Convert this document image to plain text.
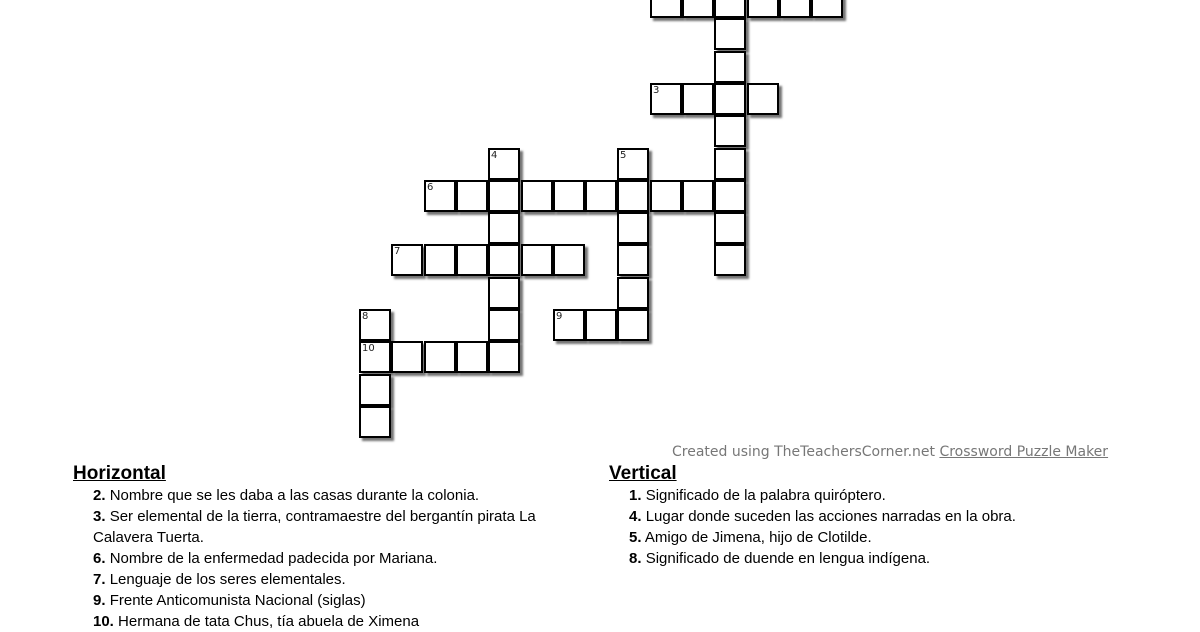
3
4	5
6
7
8	9
10
Created using TheTeachersCorner.net Crossword Puzzle Maker
Horizontal
2. Nombre que se les daba a las casas durante la colonia.
3. Ser elemental de la tierra, contramaestre del bergantín pirata La Calavera Tuerta.
6. Nombre de la enfermedad padecida por Mariana.
7. Lenguaje de los seres elementales.
9. Frente Anticomunista Nacional (siglas)
10. Hermana de tata Chus, tía abuela de Ximena
Vertical
1. Significado de la palabra quiróptero.
4. Lugar donde suceden las acciones narradas en la obra.
5. Amigo de Jimena, hijo de Clotilde.
8. Significado de duende en lengua indígena.
